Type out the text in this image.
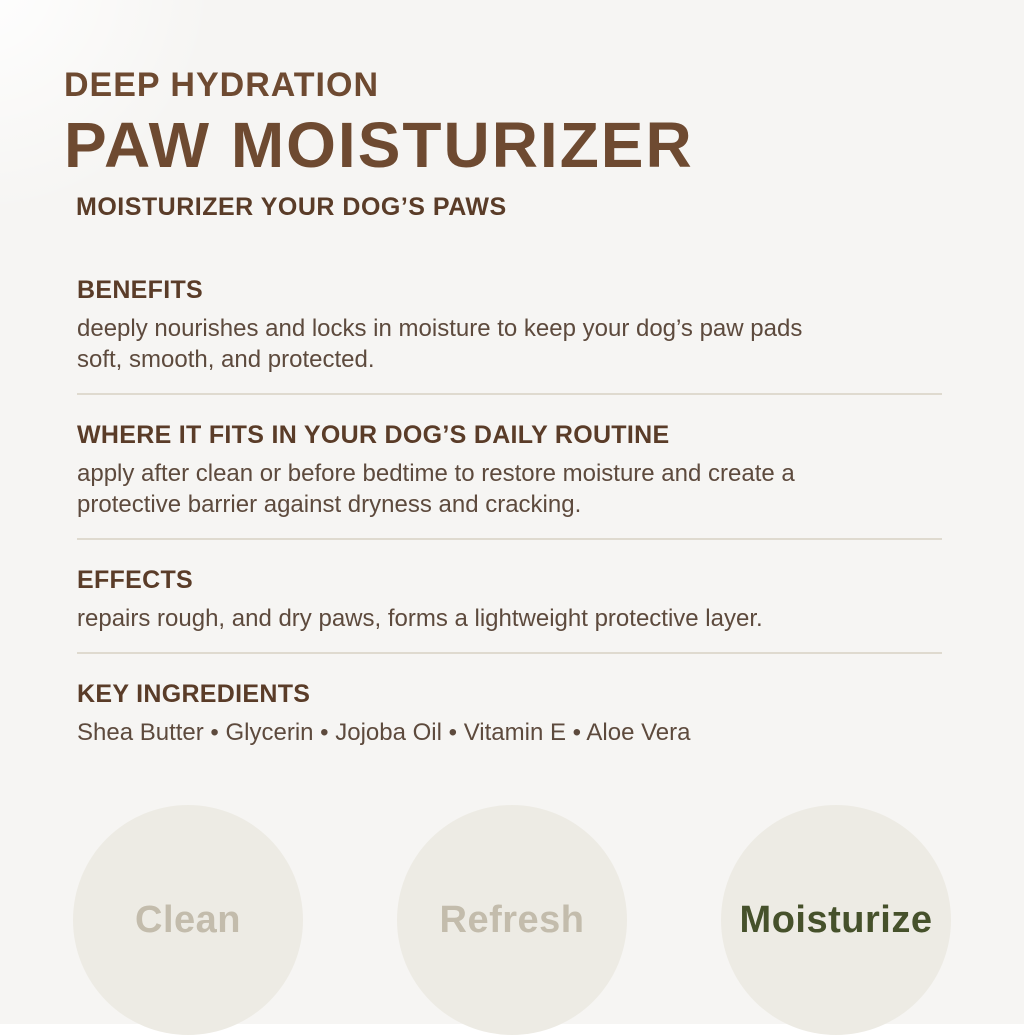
DEEP HYDRATION
PAW MOISTURIZER
MOISTURIZER YOUR DOG’S PAWS
BENEFITS
deeply nourishes and locks in moisture to keep your dog’s paw pads
soft, smooth, and protected.
WHERE IT FITS IN YOUR DOG’S DAILY ROUTINE
apply after clean or before bedtime to restore moisture and create a
protective barrier against dryness and cracking.
EFFECTS
repairs rough, and dry paws, forms a lightweight protective layer.
KEY INGREDIENTS
Shea Butter • Glycerin • Jojoba Oil • Vitamin E • Aloe Vera
Clean	Refresh	Moisturize
